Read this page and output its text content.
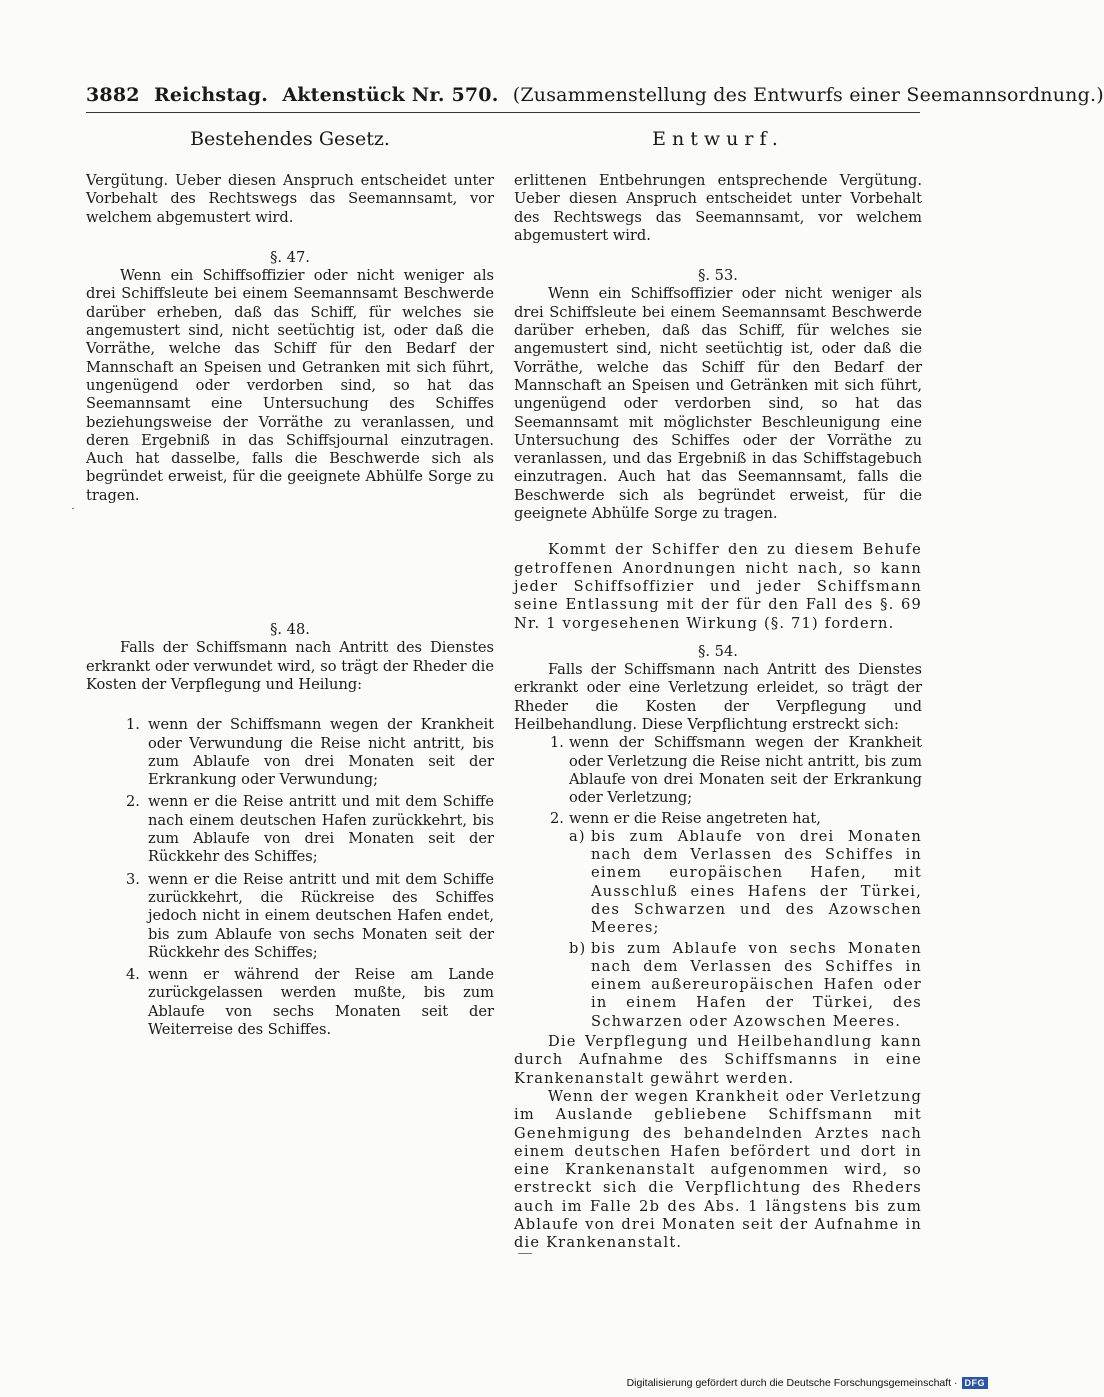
3882 Reichstag. Aktenstück Nr. 570. (Zusammenstellung des Entwurfs einer Seemannsordnung.)
Bestehendes Gesetz.

Vergütung. Ueber diesen Anspruch entscheidet unter Vorbehalt des Rechtswegs das Seemannsamt, vor welchem abgemustert wird.

§. 47.

Wenn ein Schiffsoffizier oder nicht weniger als drei Schiffsleute bei einem Seemannsamt Beschwerde darüber erheben, daß das Schiff, für welches sie angemustert sind, nicht seetüchtig ist, oder daß die Vorräthe, welche das Schiff für den Bedarf der Mannschaft an Speisen und Getranken mit sich führt, ungenügend oder verdorben sind, so hat das Seemannsamt eine Untersuchung des Schiffes beziehungsweise der Vorräthe zu veranlassen, und deren Ergebniß in das Schiffsjournal einzutragen. Auch hat dasselbe, falls die Beschwerde sich als begründet erweist, für die geeignete Abhülfe Sorge zu tragen.

§. 48.

Falls der Schiffsmann nach Antritt des Dienstes erkrankt oder verwundet wird, so trägt der Rheder die Kosten der Verpflegung und Heilung:

1. wenn der Schiffsmann wegen der Krankheit oder Verwundung die Reise nicht antritt, bis zum Ablaufe von drei Monaten seit der Erkrankung oder Verwundung;
2. wenn er die Reise antritt und mit dem Schiffe nach einem deutschen Hafen zurückkehrt, bis zum Ablaufe von drei Monaten seit der Rückkehr des Schiffes;
3. wenn er die Reise antritt und mit dem Schiffe zurückkehrt, die Rückreise des Schiffes jedoch nicht in einem deutschen Hafen endet, bis zum Ablaufe von sechs Monaten seit der Rückkehr des Schiffes;
4. wenn er während der Reise am Lande zurückgelassen werden mußte, bis zum Ablaufe von sechs Monaten seit der Weiterreise des Schiffes.
Entwurf.

erlittenen Entbehrungen entsprechende Vergütung. Ueber diesen Anspruch entscheidet unter Vorbehalt des Rechtswegs das Seemannsamt, vor welchem abgemustert wird.

§. 53.

Wenn ein Schiffsoffizier oder nicht weniger als drei Schiffsleute bei einem Seemannsamt Beschwerde darüber erheben, daß das Schiff, für welches sie angemustert sind, nicht seetüchtig ist, oder daß die Vorräthe, welche das Schiff für den Bedarf der Mannschaft an Speisen und Getränken mit sich führt, ungenügend oder verdorben sind, so hat das Seemannsamt mit möglichster Beschleunigung eine Untersuchung des Schiffes oder der Vorräthe zu veranlassen, und das Ergebniß in das Schiffstagebuch einzutragen. Auch hat das Seemannsamt, falls die Beschwerde sich als begründet erweist, für die geeignete Abhülfe Sorge zu tragen.

Kommt der Schiffer den zu diesem Behufe getroffenen Anordnungen nicht nach, so kann jeder Schiffsoffizier und jeder Schiffsmann seine Entlassung mit der für den Fall des §. 69 Nr. 1 vorgesehenen Wirkung (§. 71) fordern.

§. 54.

Falls der Schiffsmann nach Antritt des Dienstes erkrankt oder eine Verletzung erleidet, so trägt der Rheder die Kosten der Verpflegung und Heilbehandlung. Diese Verpflichtung erstreckt sich:

1. wenn der Schiffsmann wegen der Krankheit oder Verletzung die Reise nicht antritt, bis zum Ablaufe von drei Monaten seit der Erkrankung oder Verletzung;
2. wenn er die Reise angetreten hat,
a) bis zum Ablaufe von drei Monaten nach dem Verlassen des Schiffes in einem europäischen Hafen, mit Ausschluß eines Hafens der Türkei, des Schwarzen und des Azowschen Meeres;
b) bis zum Ablaufe von sechs Monaten nach dem Verlassen des Schiffes in einem außereuropäischen Hafen oder in einem Hafen der Türkei, des Schwarzen oder Azowschen Meeres.

Die Verpflegung und Heilbehandlung kann durch Aufnahme des Schiffsmanns in eine Krankenanstalt gewährt werden.

Wenn der wegen Krankheit oder Verletzung im Auslande gebliebene Schiffsmann mit Genehmigung des behandelnden Arztes nach einem deutschen Hafen befördert und dort in eine Krankenanstalt aufgenommen wird, so erstreckt sich die Verpflichtung des Rheders auch im Falle 2b des Abs. 1 längstens bis zum Ablaufe von drei Monaten seit der Aufnahme in die Krankenanstalt.

Digitalisierung gefördert durch die Deutsche Forschungsgemeinschaft · DFG
